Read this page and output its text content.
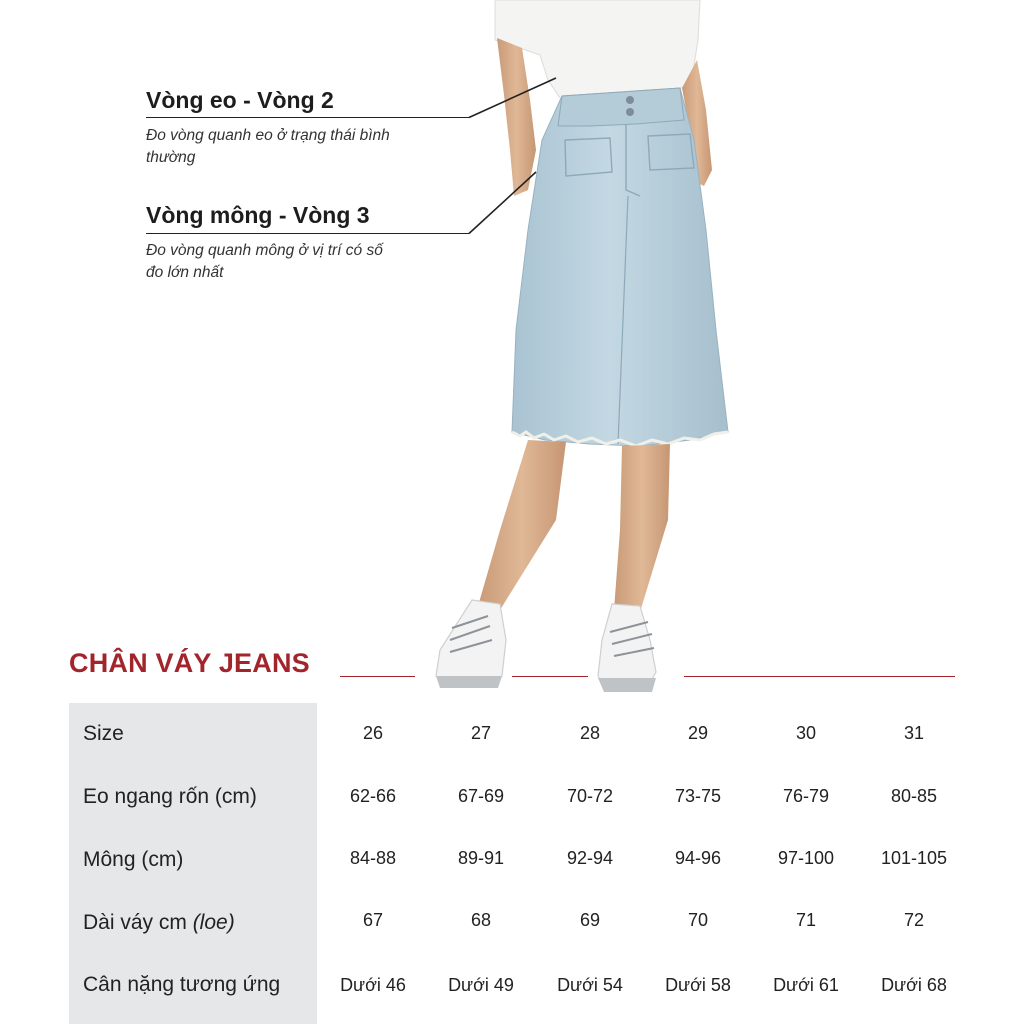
Vòng eo - Vòng 2
Đo vòng quanh eo ở trạng thái bình thường
Vòng mông - Vòng 3
Đo vòng quanh mông ở vị trí có số đo lớn nhất
CHÂN VÁY JEANS
Size	26	27	28	29	30	31
Eo ngang rốn (cm)	62-66	67-69	70-72	73-75	76-79	80-85
Mông (cm)	84-88	89-91	92-94	94-96	97-100	101-105
Dài váy cm (loe)	67	68	69	70	71	72
Cân nặng tương ứng	Dưới 46	Dưới 49	Dưới 54	Dưới 58	Dưới 61	Dưới 68
